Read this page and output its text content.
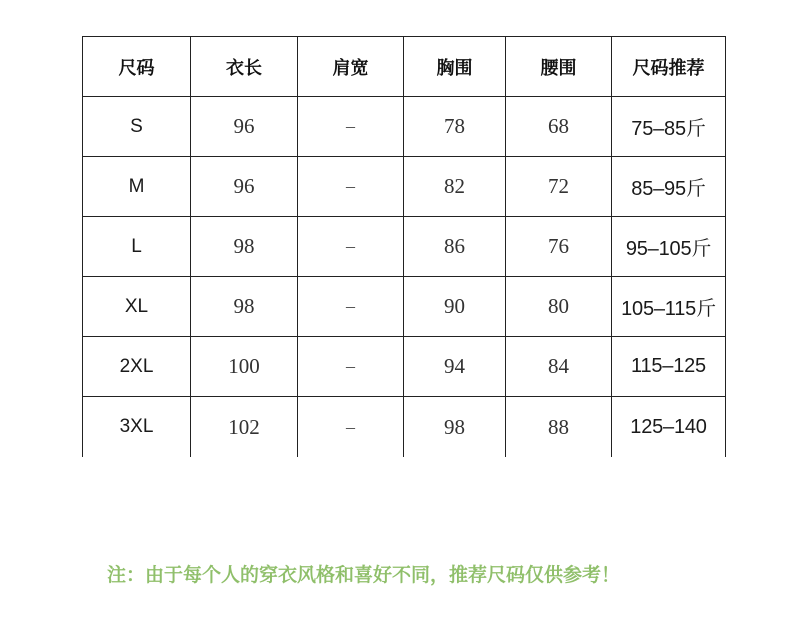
尺码	衣长	肩宽	胸围	腰围	尺码推荐
S	96	–	78	68	75–85斤
M	96	–	82	72	85–95斤
L	98	–	86	76	95–105斤
XL	98	–	90	80	105–115斤
2XL	100	–	94	84	115–125
3XL	102	–	98	88	125–140
注：由于每个人的穿衣风格和喜好不同，推荐尺码仅供参考！
